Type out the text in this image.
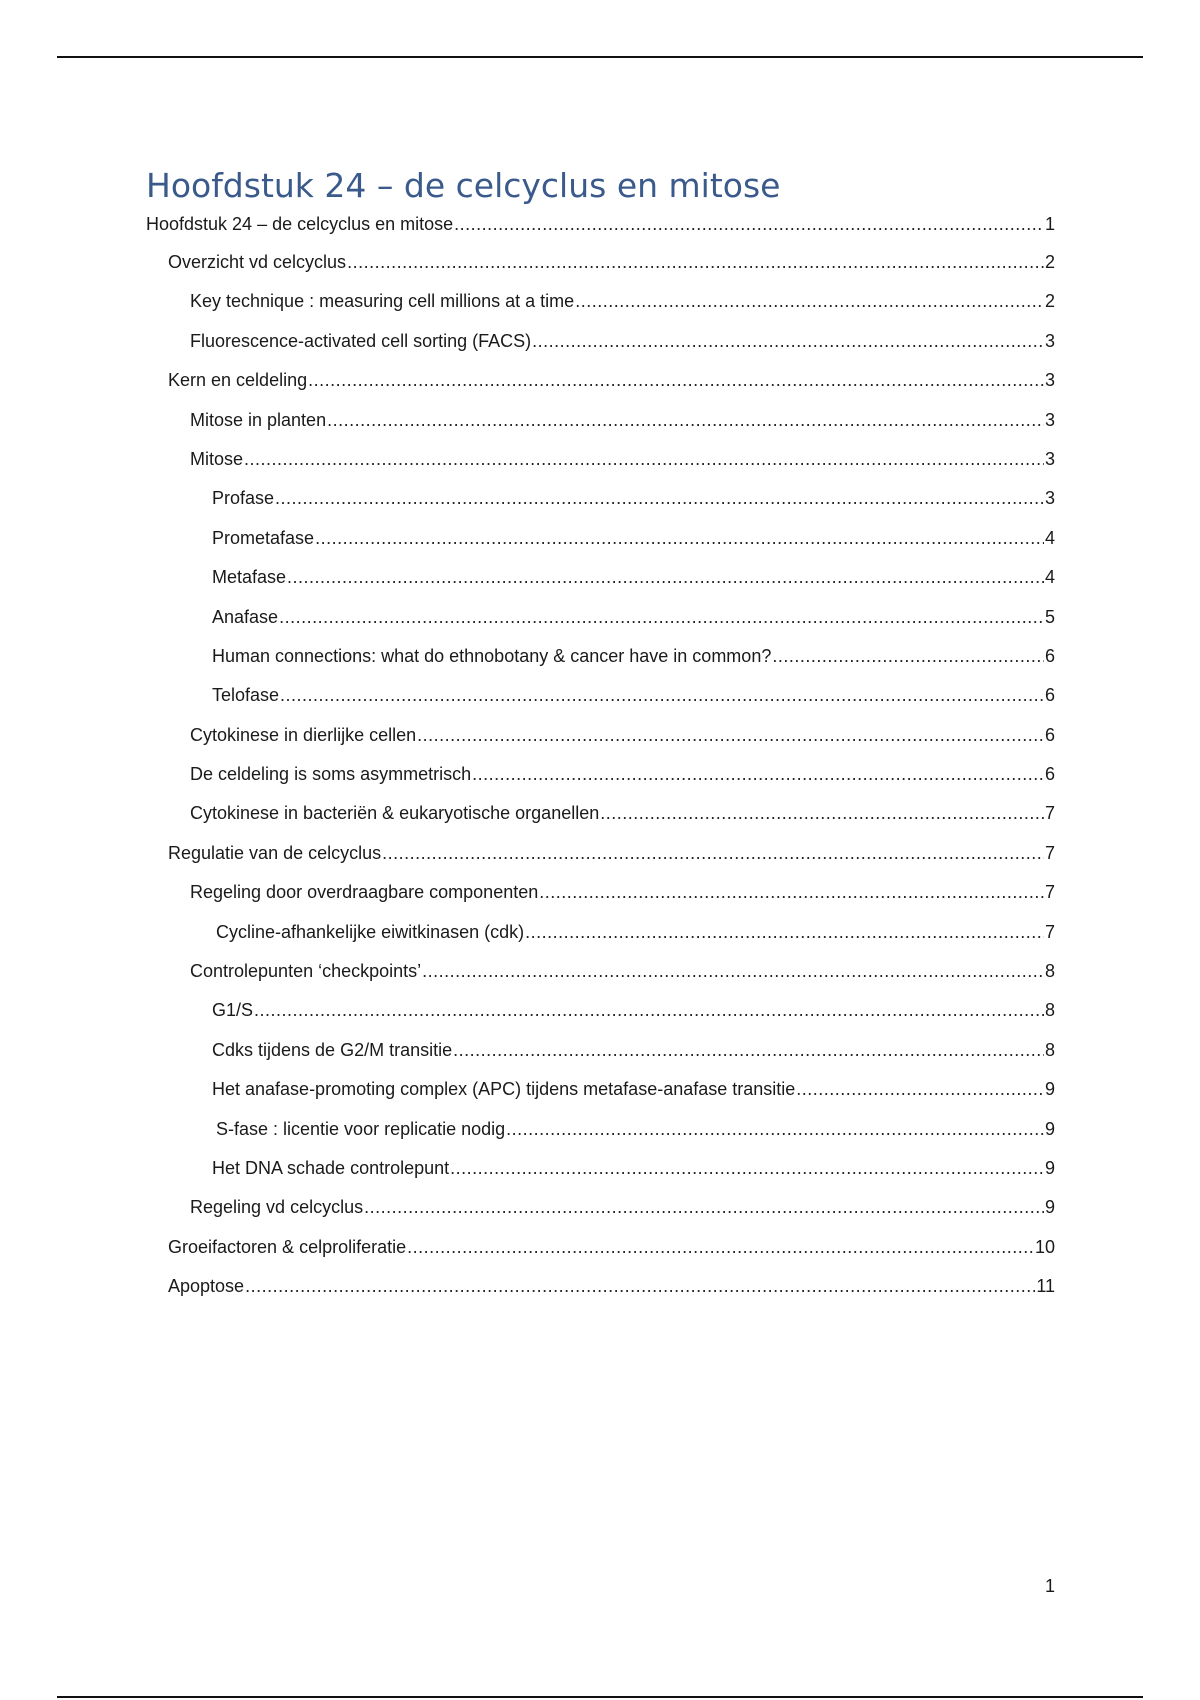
Hoofdstuk 24 – de celcyclus en mitose
Hoofdstuk 24 – de celcyclus en mitose .....	1
Overzicht vd celcyclus .....	2
Key technique : measuring cell millions at a time .....	2
Fluorescence-activated cell sorting (FACS) .....	3
Kern en celdeling .....	3
Mitose in planten .....	3
Mitose .....	3
Profase .....	3
Prometafase .....	4
Metafase .....	4
Anafase .....	5
Human connections: what do ethnobotany & cancer have in common? .....	6
Telofase .....	6
Cytokinese in dierlijke cellen .....	6
De celdeling is soms asymmetrisch .....	6
Cytokinese in bacteriën & eukaryotische organellen .....	7
Regulatie van de celcyclus .....	7
Regeling door overdraagbare componenten .....	7
Cycline-afhankelijke eiwitkinasen (cdk) .....	7
Controlepunten ‘checkpoints’ .....	8
G1/S .....	8
Cdks tijdens de G2/M transitie .....	8
Het anafase-promoting complex (APC) tijdens metafase-anafase transitie .....	9
S-fase : licentie voor replicatie nodig .....	9
Het DNA schade controlepunt .....	9
Regeling vd celcyclus .....	9
Groeifactoren & celproliferatie .....	10
Apoptose .....	11
1
